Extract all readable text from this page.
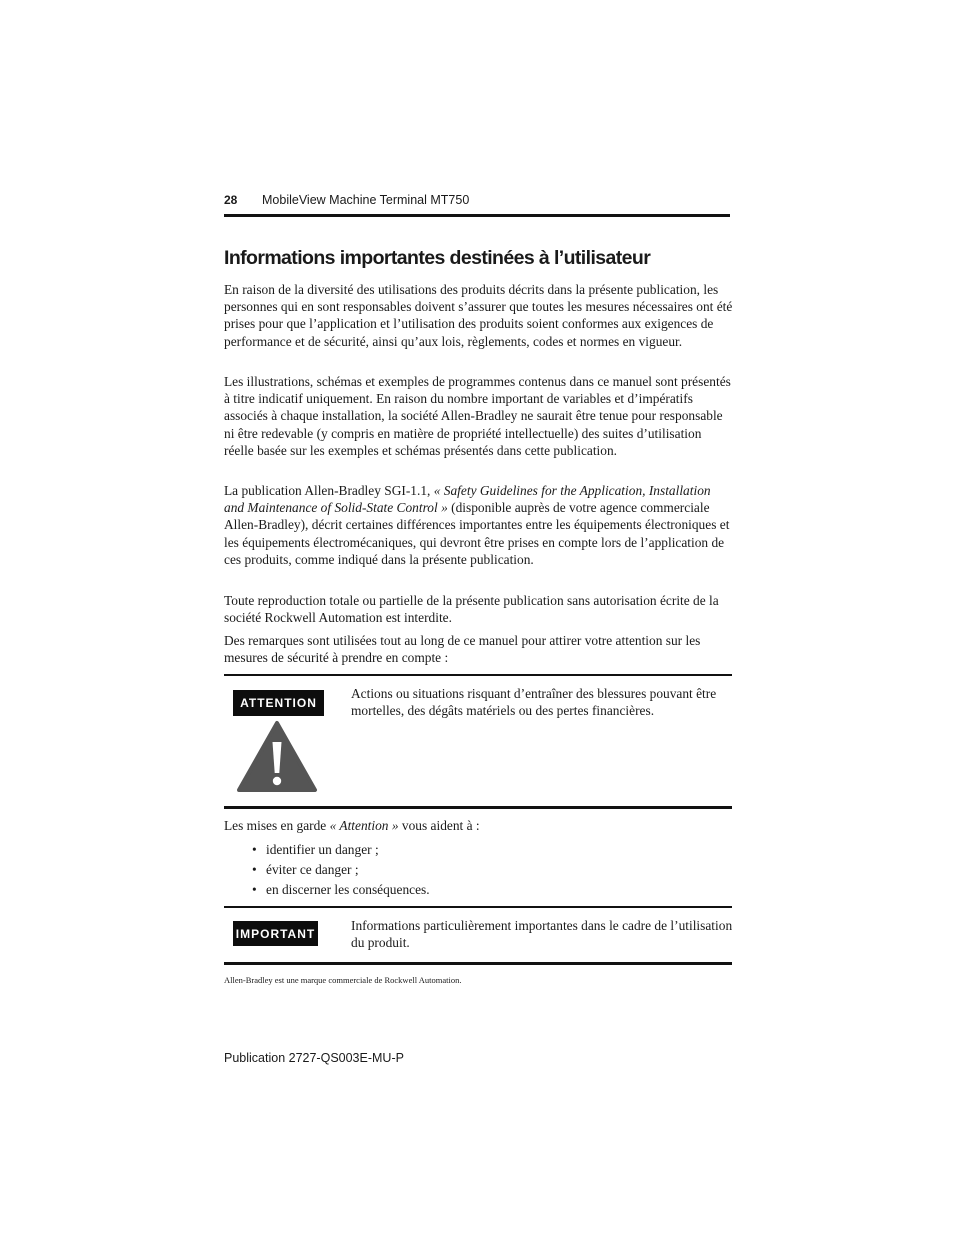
28 MobileView Machine Terminal MT750
Informations importantes destinées à l’utilisateur

En raison de la diversité des utilisations des produits décrits dans la présente publication, les personnes qui en sont responsables doivent s’assurer que toutes les mesures nécessaires ont été prises pour que l’application et l’utilisation des produits soient conformes aux exigences de performance et de sécurité, ainsi qu’aux lois, règlements, codes et normes en vigueur.

Les illustrations, schémas et exemples de programmes contenus dans ce manuel sont présentés à titre indicatif uniquement. En raison du nombre important de variables et d’impératifs associés à chaque installation, la société Allen-Bradley ne saurait être tenue pour responsable ni être redevable (y compris en matière de propriété intellectuelle) des suites d’utilisation réelle basée sur les exemples et schémas présentés dans cette publication.

La publication Allen-Bradley SGI-1.1, « Safety Guidelines for the Application, Installation and Maintenance of Solid-State Control » (disponible auprès de votre agence commerciale Allen-Bradley), décrit certaines différences importantes entre les équipements électroniques et les équipements électromécaniques, qui devront être prises en compte lors de l’application de ces produits, comme indiqué dans la présente publication.

Toute reproduction totale ou partielle de la présente publication sans autorisation écrite de la société Rockwell Automation est interdite.

Des remarques sont utilisées tout au long de ce manuel pour attirer votre attention sur les mesures de sécurité à prendre en compte :

ATTENTION

Actions ou situations risquant d’entraîner des blessures pouvant être mortelles, des dégâts matériels ou des pertes financières.

Les mises en garde « Attention » vous aident à :

• identifier un danger ;
• éviter ce danger ;
• en discerner les conséquences.
IMPORTANT

Informations particulièrement importantes dans le cadre de l’utilisation du produit.

Allen-Bradley est une marque commerciale de Rockwell Automation.
Publication 2727-QS003E-MU-P
